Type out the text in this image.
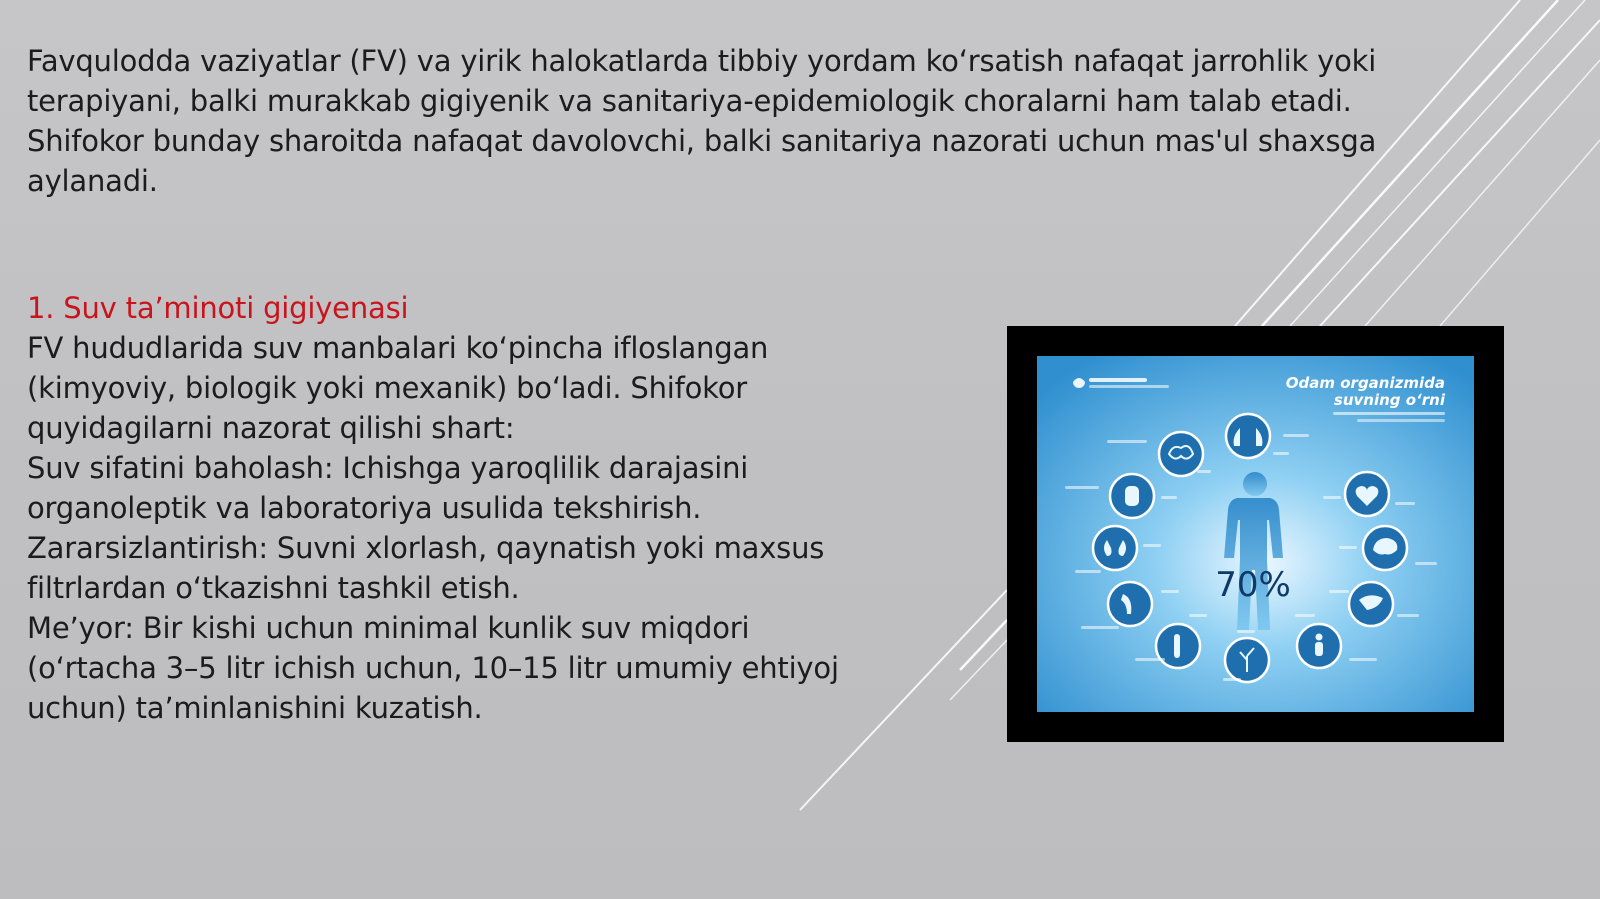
Favqulodda vaziyatlar (FV) va yirik halokatlarda tibbiy yordam koʻrsatish nafaqat jarrohlik yoki
terapiyani, balki murakkab gigiyenik va sanitariya-epidemiologik choralarni ham talab etadi.
Shifokor bunday sharoitda nafaqat davolovchi, balki sanitariya nazorati uchun mas'ul shaxsga
aylanadi.
1. Suv taʼminoti gigiyenasi
FV hududlarida suv manbalari koʻpincha ifloslangan
(kimyoviy, biologik yoki mexanik) boʻladi. Shifokor
quyidagilarni nazorat qilishi shart:
Suv sifatini baholash: Ichishga yaroqlilik darajasini
organoleptik va laboratoriya usulida tekshirish.
Zararsizlantirish: Suvni xlorlash, qaynatish yoki maxsus
filtrlardan oʻtkazishni tashkil etish.
Meʼyor: Bir kishi uchun minimal kunlik suv miqdori
(oʻrtacha 3–5 litr ichish uchun, 10–15 litr umumiy ehtiyoj
uchun) taʼminlanishini kuzatish.
Odam organizmida
suvning oʻrni
70%
